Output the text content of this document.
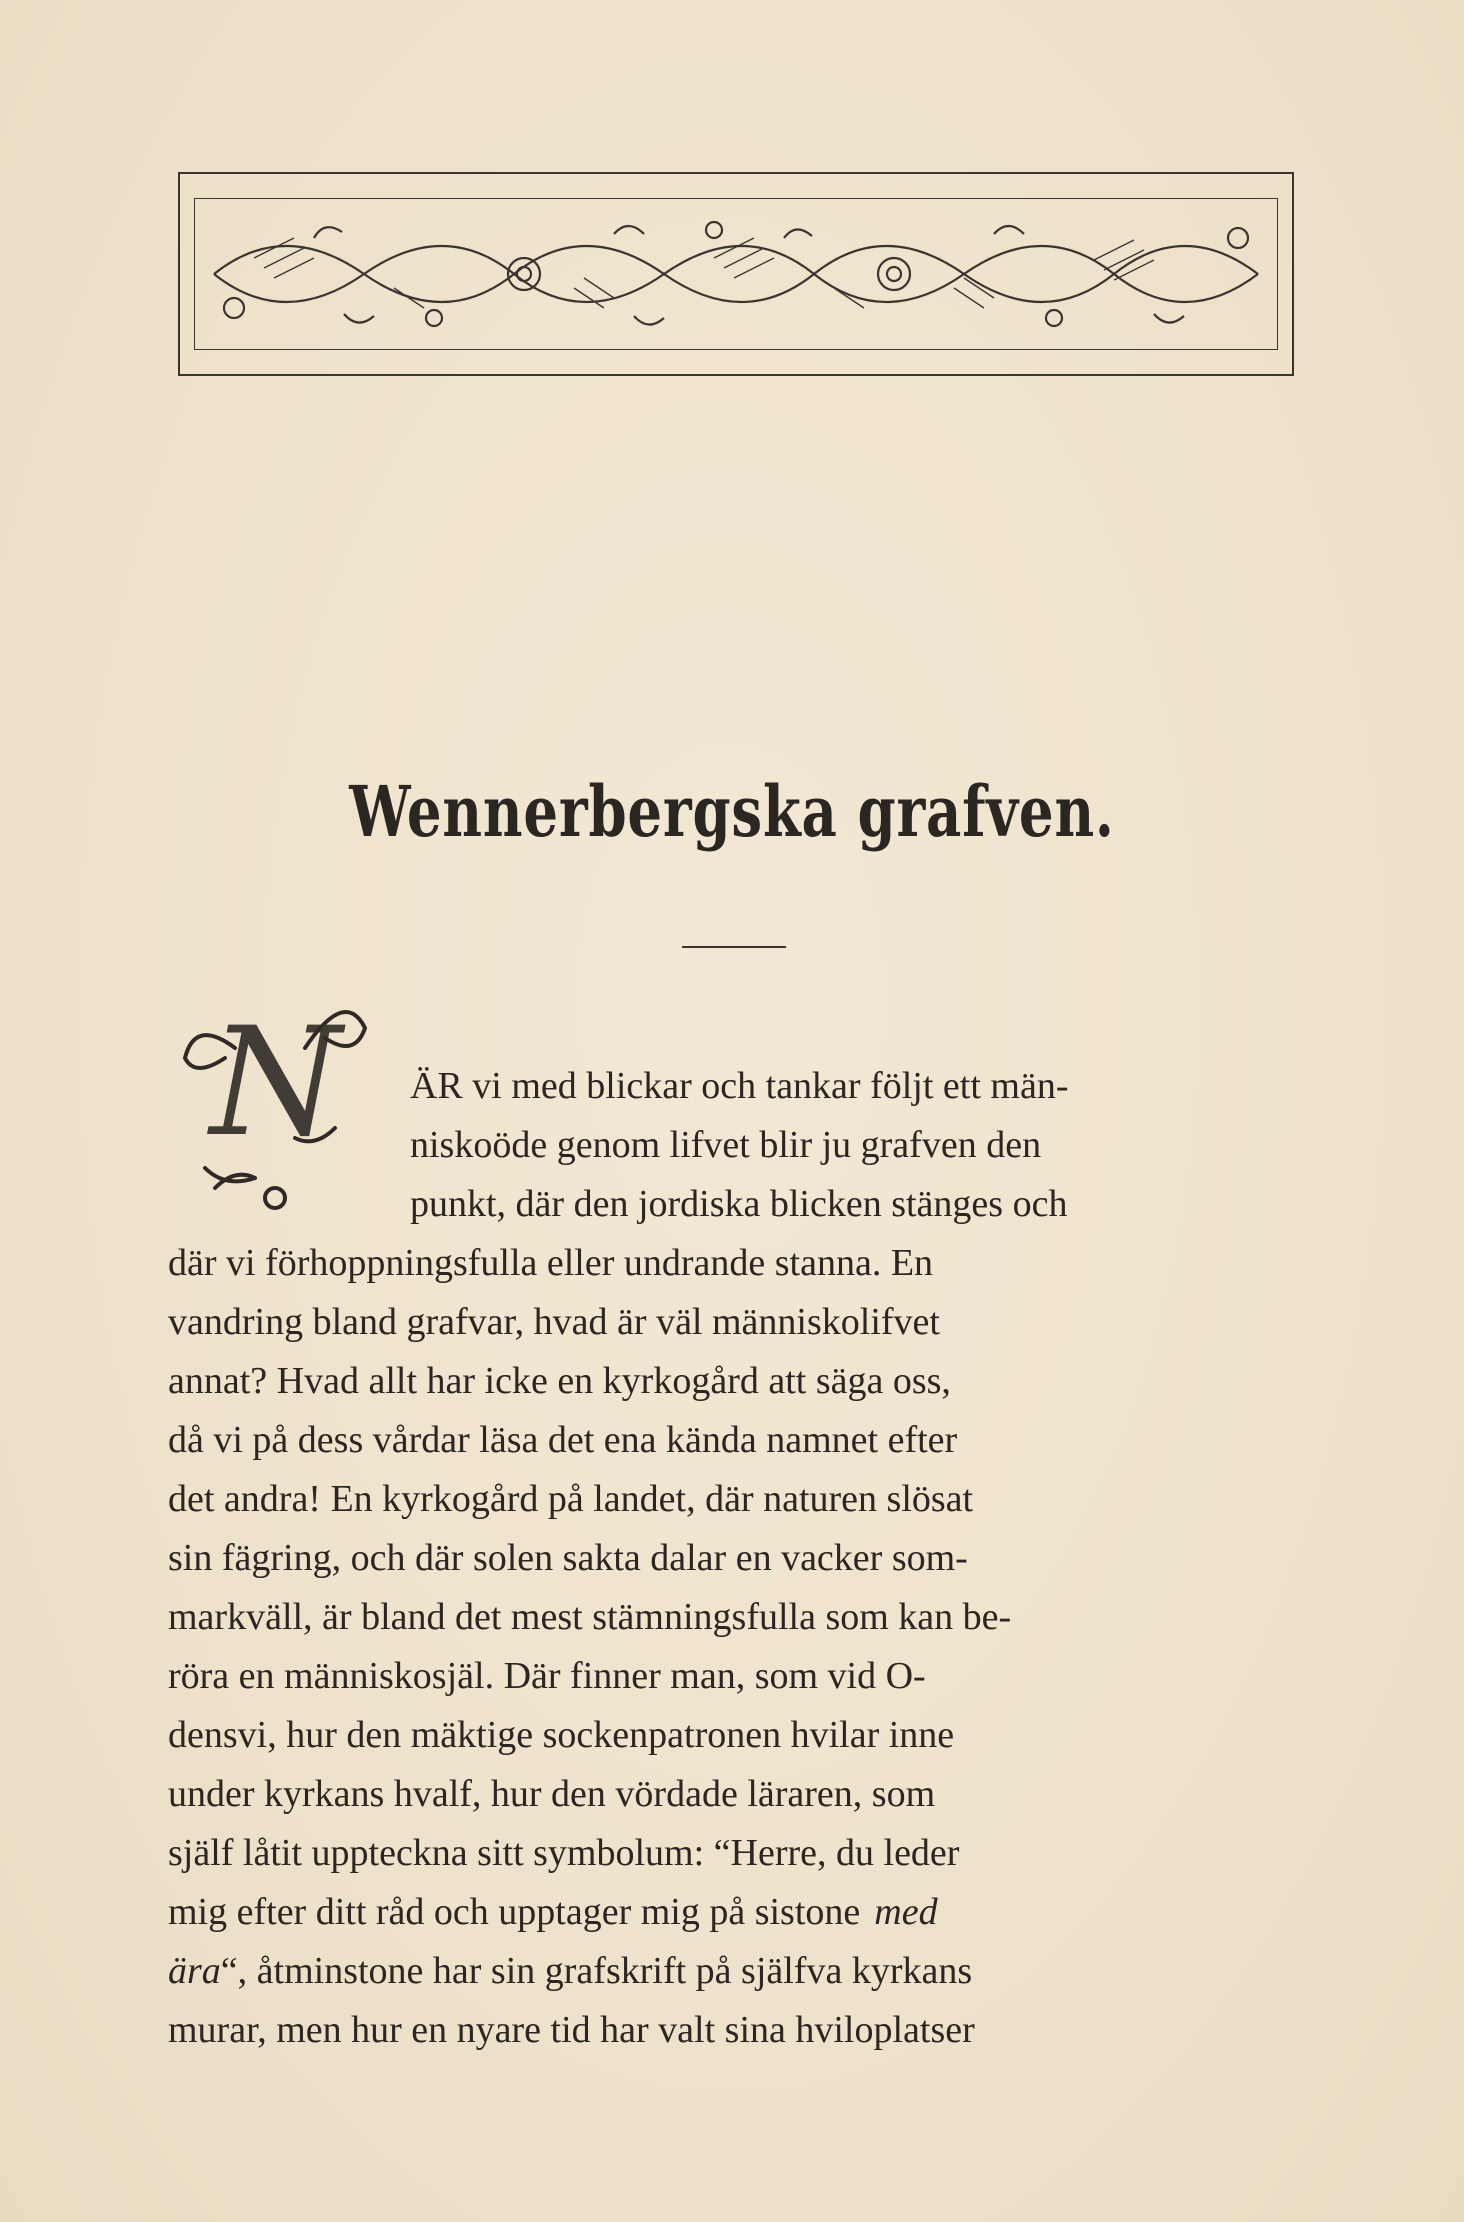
Wennerbergska grafven.
N ÄR vi med blickar och tankar följt ett män-
niskoöde genom lifvet blir ju grafven den
punkt, där den jordiska blicken stänges och
där vi förhoppningsfulla eller undrande stanna. En
vandring bland grafvar, hvad är väl människolifvet
annat? Hvad allt har icke en kyrkogård att säga oss,
då vi på dess vårdar läsa det ena kända namnet efter
det andra! En kyrkogård på landet, där naturen slösat
sin fägring, och där solen sakta dalar en vacker som-
markväll, är bland det mest stämningsfulla som kan be-
röra en människosjäl. Där finner man, som vid O-
densvi, hur den mäktige sockenpatronen hvilar inne
under kyrkans hvalf, hur den vördade läraren, som
själf låtit uppteckna sitt symbolum: “Herre, du leder
mig efter ditt råd och upptager mig på sistone med
ära “, åtminstone har sin grafskrift på själfva kyrkans
murar, men hur en nyare tid har valt sina hviloplatser
